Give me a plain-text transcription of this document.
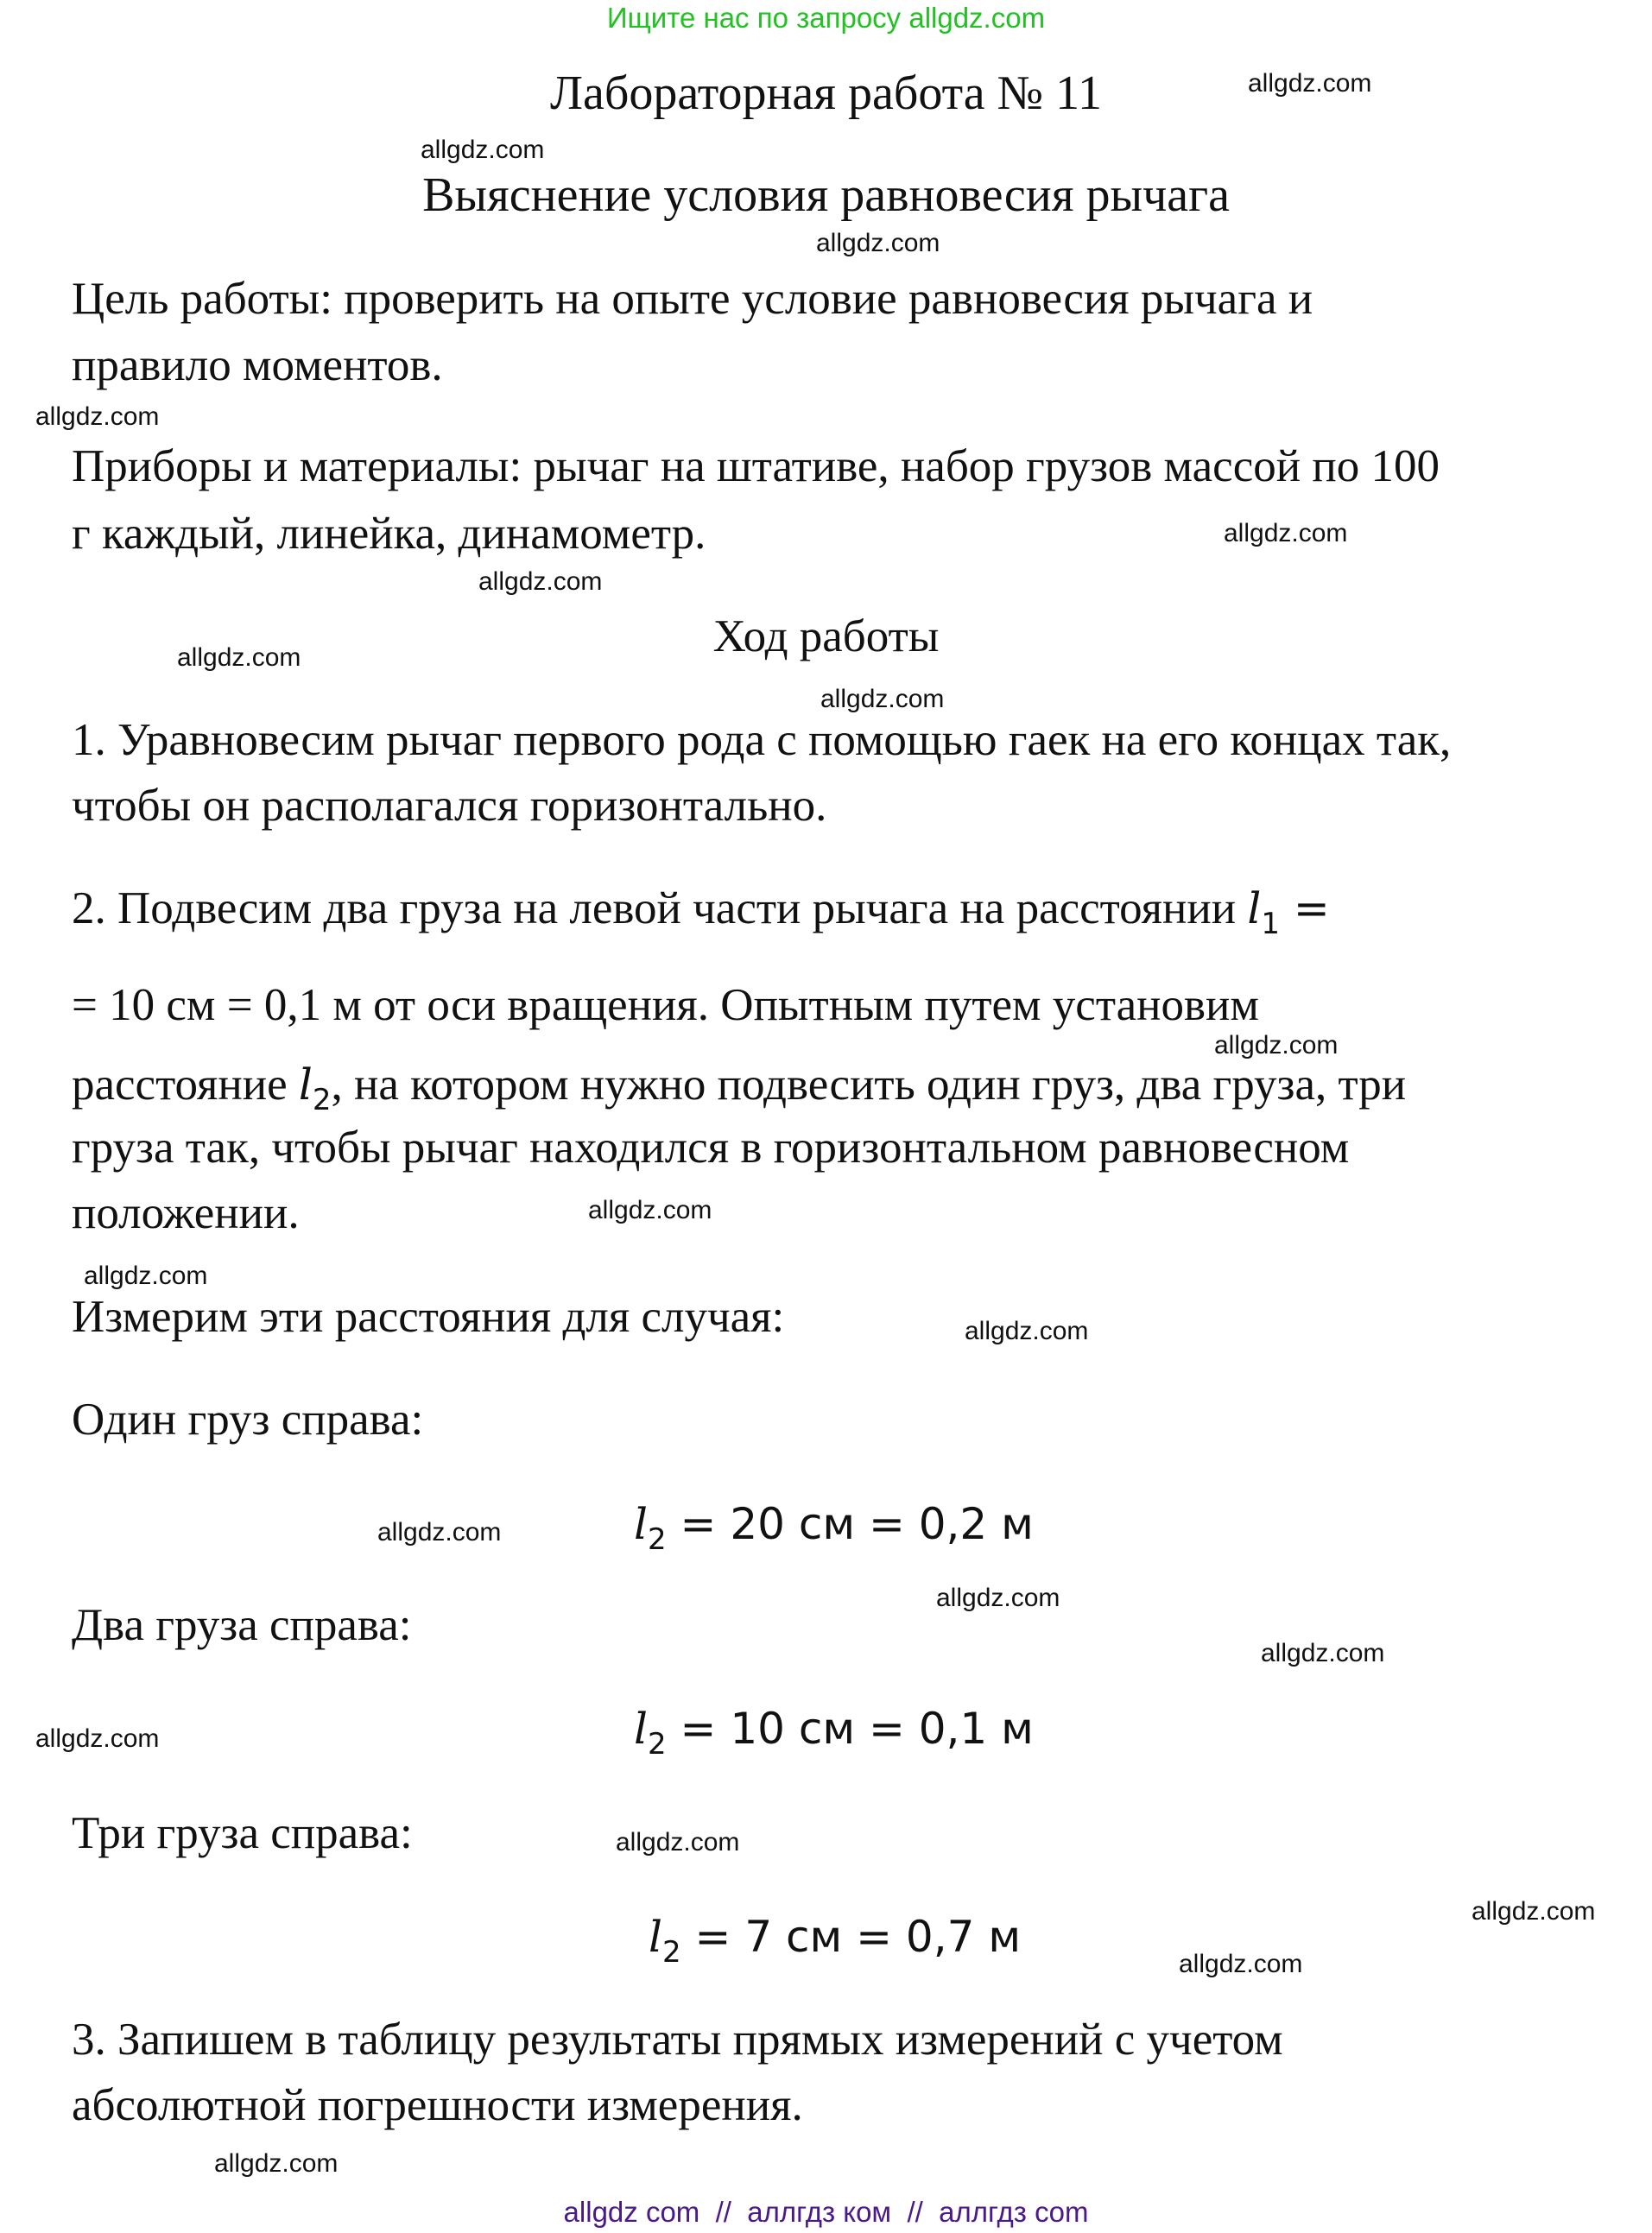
Ищите нас по запросу allgdz.com
Лабораторная работа № 11
Выяснение условия равновесия рычага
Цель работы: проверить на опыте условие равновесия рычага и
правило моментов.
Приборы и материалы: рычаг на штативе, набор грузов массой по 100
г каждый, линейка, динамометр.
Ход работы
1. Уравновесим рычаг первого рода с помощью гаек на его концах так,
чтобы он располагался горизонтально.
2. Подвесим два груза на левой части рычага на расстоянии $l_1$ =
= 10 см = 0,1 м от оси вращения. Опытным путем установим
расстояние $l_2$, на котором нужно подвесить один груз, два груза, три
груза так, чтобы рычаг находился в горизонтальном равновесном
положении.
Измерим эти расстояния для случая:
Один груз справа:
$l_2 = 20$ см = 0,2 м
Два груза справа:
$l_2 = 10$ см = 0,1 м
Три груза справа:
$l_2 = 7$ см = 0,7 м
3. Запишем в таблицу результаты прямых измерений с учетом
абсолютной погрешности измерения.
allgdz.com
allgdz.com
allgdz.com
allgdz.com
allgdz.com
allgdz.com
allgdz.com
allgdz.com
allgdz.com
allgdz.com
allgdz.com
allgdz.com
allgdz.com
allgdz.com
allgdz.com
allgdz.com
allgdz.com
allgdz.com
allgdz.com
allgdz.com
allgdz com  //  аллгдз ком  //  аллгдз com
